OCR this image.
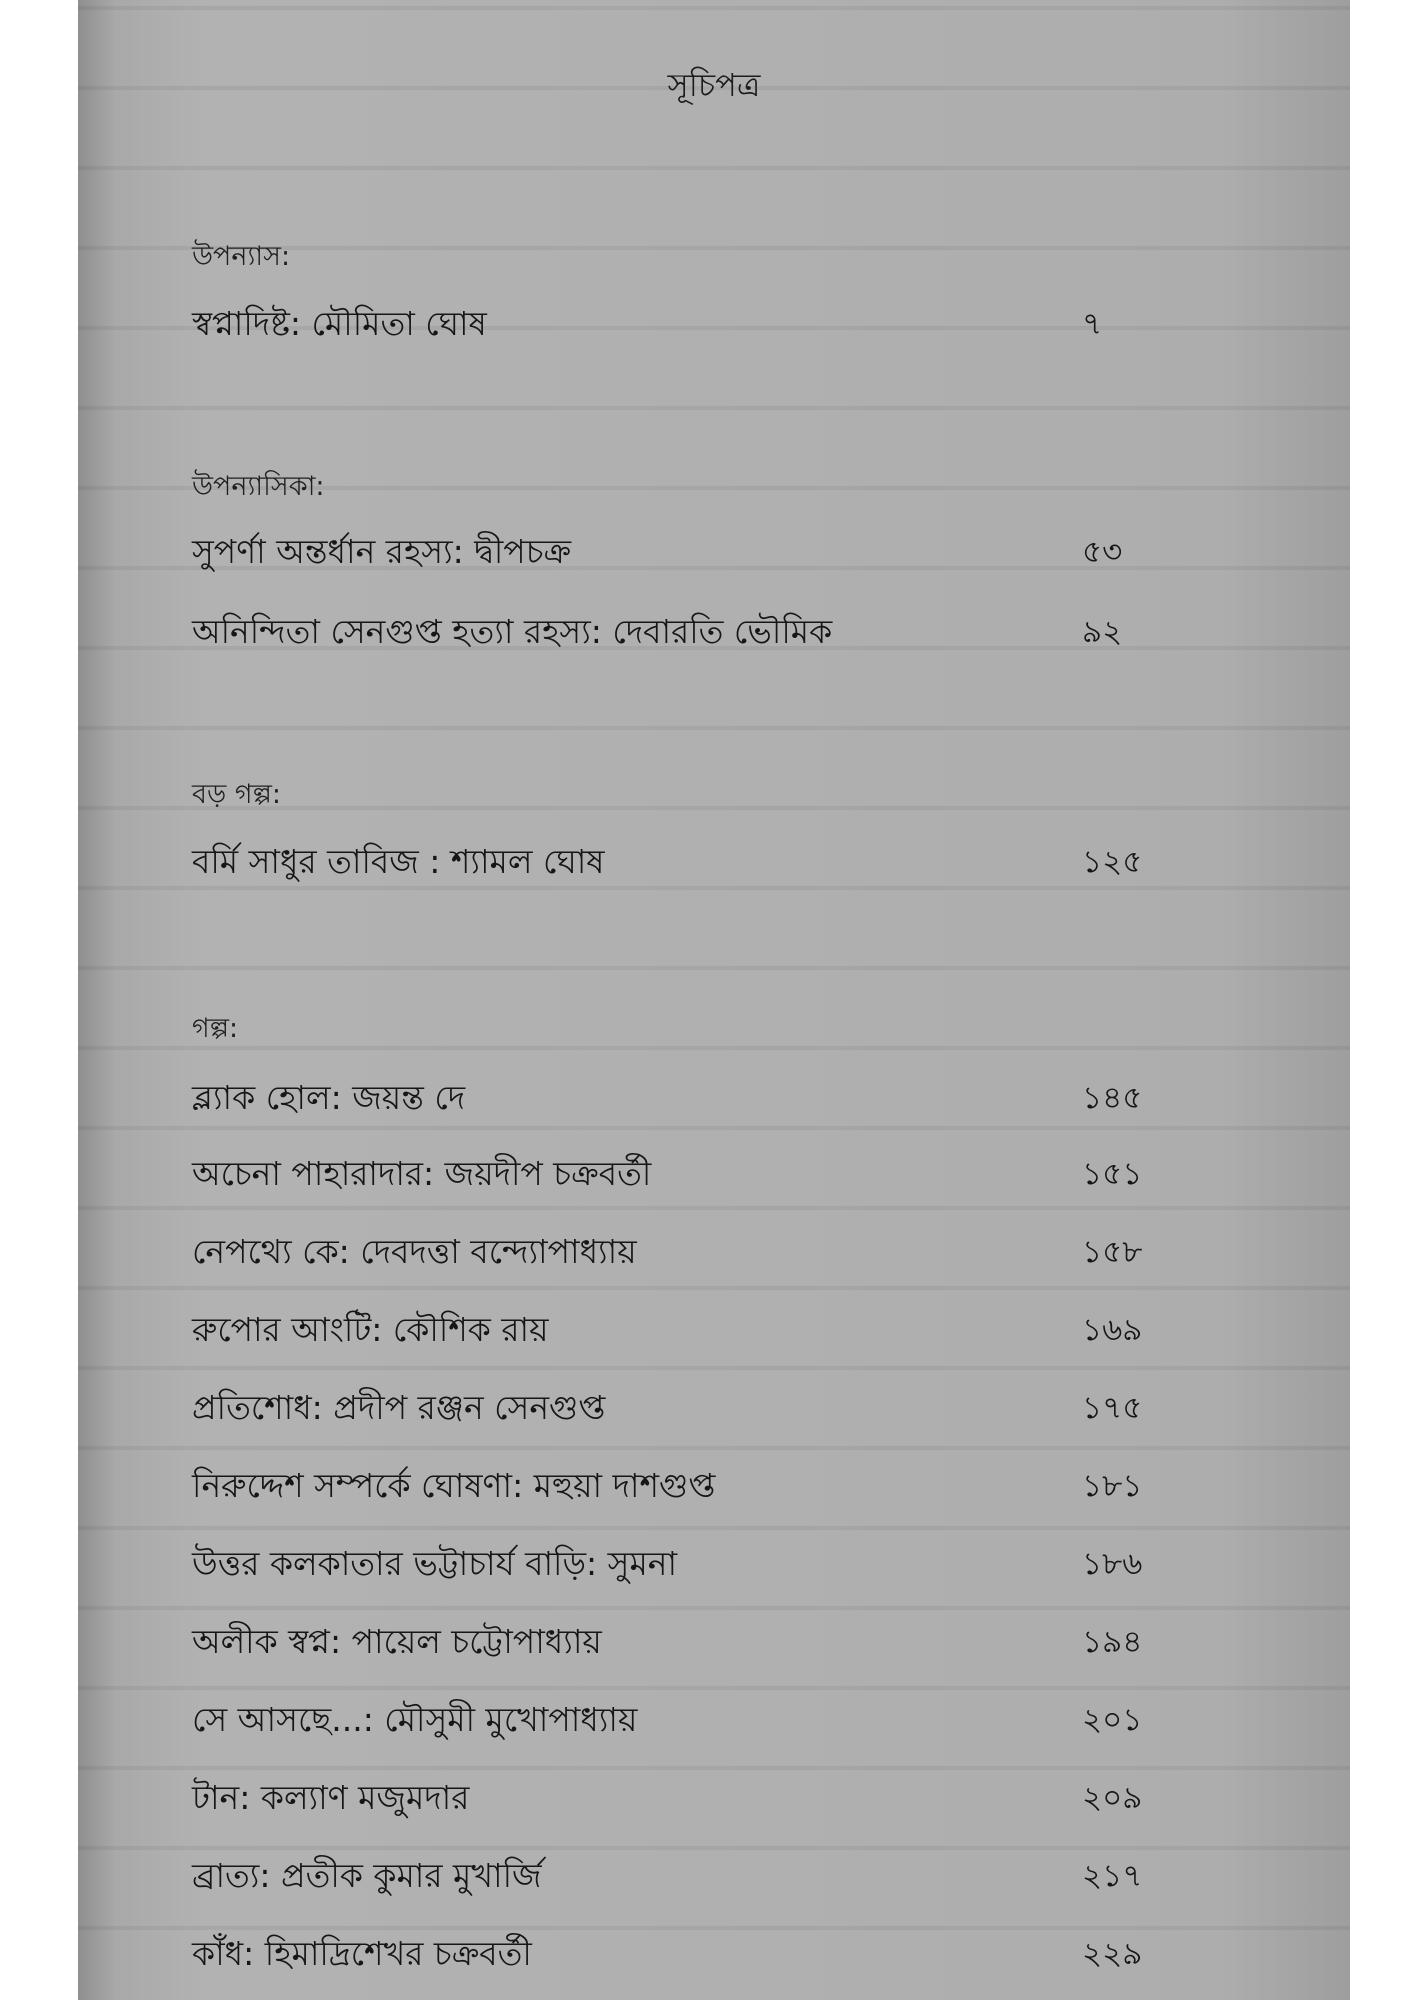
সূচিপত্র
উপন্যাস:
স্বপ্নাদিষ্ট: মৌমিতা ঘোষ	৭
উপন্যাসিকা:
সুপর্ণা অন্তর্ধান রহস্য: দ্বীপচক্র	৫৩
অনিন্দিতা সেনগুপ্ত হত্যা রহস্য: দেবারতি ভৌমিক	৯২
বড় গল্প:
বর্মি সাধুর তাবিজ : শ্যামল ঘোষ	১২৫
গল্প:
ব্ল্যাক হোল: জয়ন্ত দে	১৪৫
অচেনা পাহারাদার: জয়দীপ চক্রবর্তী	১৫১
নেপথ্যে কে: দেবদত্তা বন্দ্যোপাধ্যায়	১৫৮
রুপোর আংটি: কৌশিক রায়	১৬৯
প্রতিশোধ: প্রদীপ রঞ্জন সেনগুপ্ত	১৭৫
নিরুদ্দেশ সম্পর্কে ঘোষণা: মহুয়া দাশগুপ্ত	১৮১
উত্তর কলকাতার ভট্টাচার্য বাড়ি: সুমনা	১৮৬
অলীক স্বপ্ন: পায়েল চট্টোপাধ্যায়	১৯৪
সে আসছে...: মৌসুমী মুখোপাধ্যায়	২০১
টান: কল্যাণ মজুমদার	২০৯
ব্রাত্য: প্রতীক কুমার মুখার্জি	২১৭
কাঁধ: হিমাদ্রিশেখর চক্রবর্তী	২২৯
